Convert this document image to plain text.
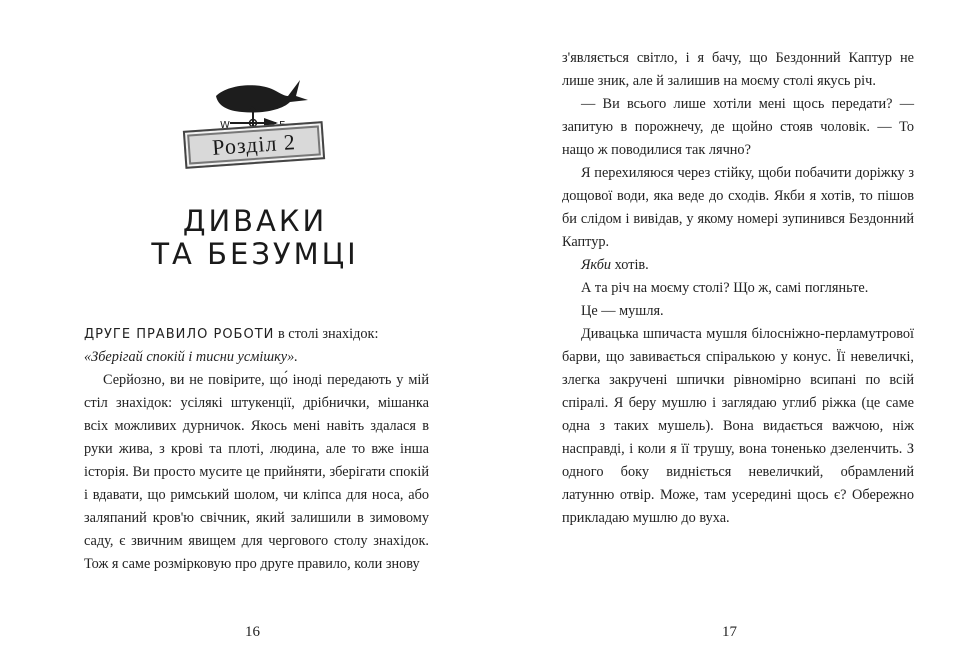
W
Розділ 2
ДИВАКИ
ТА БЕЗУМЦІ

ДРУГЕ ПРАВИЛО РОБОТИ в столі знахідок:

«Зберігай спокій і тисни усмішку».

Серйозно, ви не повірите, що́ іноді передають у мій стіл знахідок: усілякі штукенції, дрібнички, мішанка всіх можливих дурничок. Якось мені навіть здалася в руки жива, з крові та плоті, людина, але то вже інша історія. Ви просто мусите це прийняти, зберігати спокій і вдавати, що римський шолом, чи кліпса для носа, або заляпаний кров'ю свічник, який залишили в зимовому саду, є звичним явищем для чергового столу знахідок. Тож я саме розмірковую про друге правило, коли знову

16

з'являється світло, і я бачу, що Бездонний Каптур не лише зник, але й залишив на моєму столі якусь річ.

— Ви всього лише хотіли мені щось передати? — запитую в порожнечу, де щойно стояв чоловік. — То нащо ж поводилися так лячно?

Я перехиляюся через стійку, щоби побачити доріжку з дощової води, яка веде до сходів. Якби я хотів, то пішов би слідом і вивідав, у якому номері зупинився Бездонний Каптур.

Якби хотів.

А та річ на моєму столі? Що ж, самі погляньте.

Це — мушля.

Дивацька шпичаста мушля білосніжно-перламутрової барви, що завивається спіралькою у конус. Її невеличкі, злегка закручені шпички рівномірно всипані по всій спіралі. Я беру мушлю і заглядаю углиб ріжка (це саме одна з таких мушель). Вона видається важчою, ніж насправді, і коли я її трушу, вона тоненько дзеленчить. З одного боку видніється невеличкий, обрамлений латунню отвір. Може, там усередині щось є? Обережно прикладаю мушлю до вуха.

17
